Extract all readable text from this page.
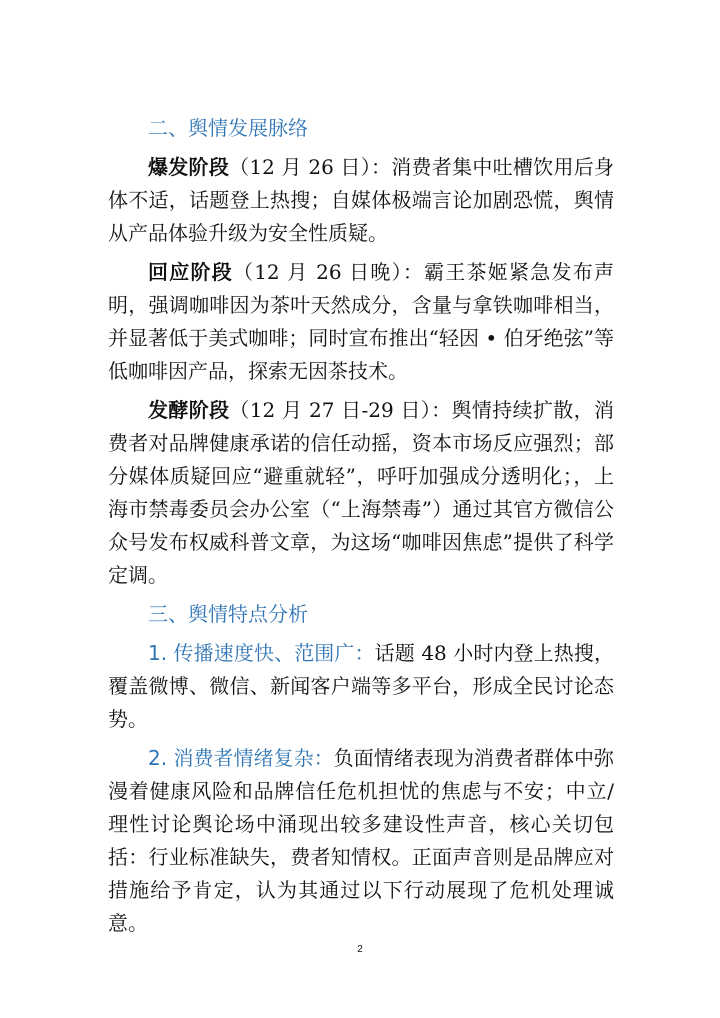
二、舆情发展脉络

爆发阶段（12 月 26 日）：消费者集中吐槽饮用后身体不适，话题登上热搜；自媒体极端言论加剧恐慌，舆情从产品体验升级为安全性质疑。

回应阶段（12 月 26 日晚）：霸王茶姬紧急发布声明，强调咖啡因为茶叶天然成分，含量与拿铁咖啡相当，并显著低于美式咖啡；同时宣布推出“轻因 • 伯牙绝弦”等低咖啡因产品，探索无因茶技术。

发酵阶段（12 月 27 日-29 日）：舆情持续扩散，消费者对品牌健康承诺的信任动摇，资本市场反应强烈；部分媒体质疑回应“避重就轻”，呼吁加强成分透明化；，上海市禁毒委员会办公室（“上海禁毒”）通过其官方微信公众号发布权威科普文章，为这场“咖啡因焦虑”提供了科学定调。

三、舆情特点分析

1. 传播速度快、范围广：话题 48 小时内登上热搜，覆盖微博、微信、新闻客户端等多平台，形成全民讨论态势。

2. 消费者情绪复杂：负面情绪表现为消费者群体中弥漫着健康风险和品牌信任危机担忧的焦虑与不安；中立/理性讨论舆论场中涌现出较多建设性声音，核心关切包括：行业标准缺失，费者知情权。正面声音则是品牌应对措施给予肯定，认为其通过以下行动展现了危机处理诚意。

2
